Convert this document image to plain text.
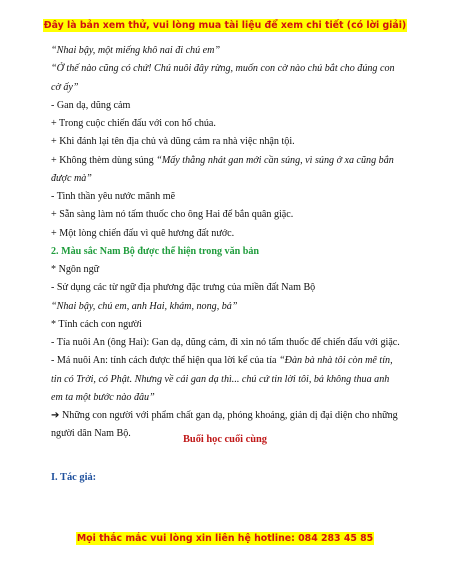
Đây là bản xem thử, vui lòng mua tài liệu để xem chi tiết (có lời giải)

“Nhai bậy, một miếng khô nai đi chú em”

“Ở thế nào cũng có chứ! Chú nuôi đây rừng, muốn con cờ nào chú bắt cho đúng con

cờ ấy”

- Gan dạ, dũng cảm

+ Trong cuộc chiến đấu với con hổ chúa.

+ Khi đánh lại tên địa chủ và dũng cảm ra nhà việc nhận tội.

+ Không thèm dùng súng “Mấy thằng nhát gan mới cần súng, vì súng ở xa cũng bắn

được mà”

- Tinh thần yêu nước mãnh mẽ

+ Sẵn sàng làm nó tấm thuốc cho ông Hai để bắn quân giặc.

+ Một lòng chiến đấu vì quê hương đất nước.

2. Màu sắc Nam Bộ được thể hiện trong văn bản

* Ngôn ngữ

- Sử dụng các từ ngữ địa phương đặc trưng của miền đất Nam Bộ

“Nhai bậy, chú em, anh Hai, khám, nong, bả”

* Tính cách con người

- Tía nuôi An (ông Hai): Gan dạ, dũng cảm, đi xin nó tấm thuốc để chiến đấu với giặc.

- Má nuôi An: tính cách được thể hiện qua lời kể của tía “Đàn bà nhà tôi còn mê tín,

tin có Trời, có Phật. Nhưng về cái gan dạ thì... chú cứ tin lời tôi, bả không thua anh

em ta một bước nào đâu”

➔ Những con người với phẩm chất gan dạ, phóng khoáng, giản dị đại diện cho những

người dân Nam Bộ.

Buổi học cuối cùng
I. Tác giả:
Mọi thắc mắc vui lòng xin liên hệ hotline: 084 283 45 85
